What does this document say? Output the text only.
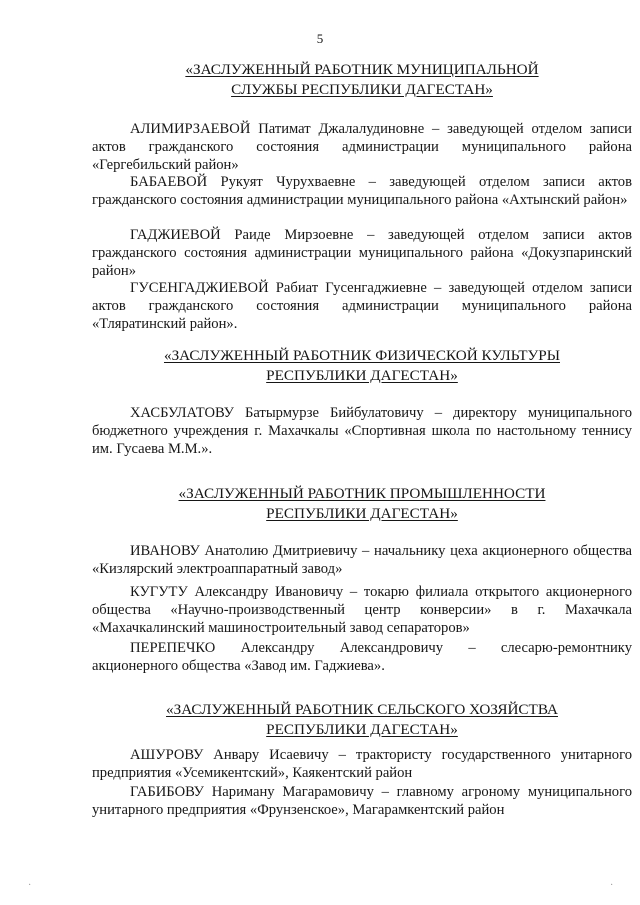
5
«ЗАСЛУЖЕННЫЙ РАБОТНИК МУНИЦИПАЛЬНОЙ
СЛУЖБЫ РЕСПУБЛИКИ ДАГЕСТАН»

АЛИМИРЗАЕВОЙ Патимат Джалалудиновне – заведующей отделом записи актов гражданского состояния администрации муниципального района «Гергебильский район»

БАБАЕВОЙ Рукуят Чурухваевне – заведующей отделом записи актов гражданского состояния администрации муниципального района «Ахтынский район»

ГАДЖИЕВОЙ Раиде Мирзоевне – заведующей отделом записи актов гражданского состояния администрации муниципального района «Докузпаринский район»

ГУСЕНГАДЖИЕВОЙ Рабиат Гусенгаджиевне – заведующей отделом записи актов гражданского состояния администрации муниципального района «Тляратинский район».

«ЗАСЛУЖЕННЫЙ РАБОТНИК ФИЗИЧЕСКОЙ КУЛЬТУРЫ
РЕСПУБЛИКИ ДАГЕСТАН»

ХАСБУЛАТОВУ Батырмурзе Бийбулатовичу – директору муниципального бюджетного учреждения г. Махачкалы «Спортивная школа по настольному теннису им. Гусаева М.М.».

«ЗАСЛУЖЕННЫЙ РАБОТНИК ПРОМЫШЛЕННОСТИ
РЕСПУБЛИКИ ДАГЕСТАН»

ИВАНОВУ Анатолию Дмитриевичу – начальнику цеха акционерного общества «Кизлярский электроаппаратный завод»

КУГУТУ Александру Ивановичу – токарю филиала открытого акционерного общества «Научно-производственный центр конверсии» в г. Махачкала «Махачкалинский машиностроительный завод сепараторов»

ПЕРЕПЕЧКО Александру Александровичу – слесарю-ремонтнику акционерного общества «Завод им. Гаджиева».

«ЗАСЛУЖЕННЫЙ РАБОТНИК СЕЛЬСКОГО ХОЗЯЙСТВА
РЕСПУБЛИКИ ДАГЕСТАН»

АШУРОВУ Анвару Исаевичу – трактористу государственного унитарного предприятия «Усемикентский», Каякентский район

ГАБИБОВУ Нариману Магарамовичу – главному агроному муниципального унитарного предприятия «Фрунзенское», Магарамкентский район

·	·
